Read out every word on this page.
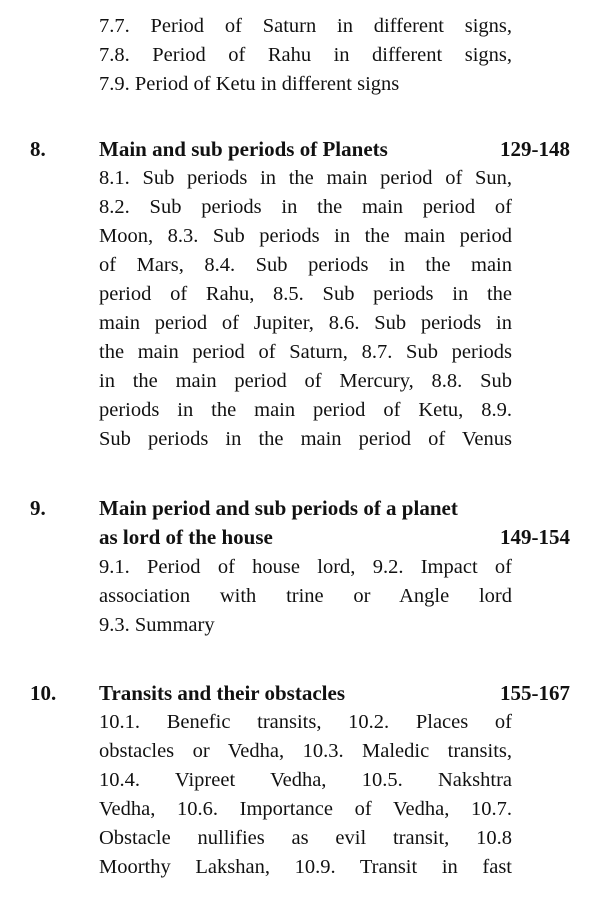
7.7. Period of Saturn in different signs,
7.8. Period of Rahu in different signs,
7.9. Period of Ketu in different signs
8.	Main and sub periods of Planets	129-148
8.1. Sub periods in the main period of Sun,
8.2. Sub periods in the main period of
Moon, 8.3. Sub periods in the main period
of Mars, 8.4. Sub periods in the main
period of Rahu, 8.5. Sub periods in the
main period of Jupiter, 8.6. Sub periods in
the main period of Saturn, 8.7. Sub periods
in the main period of Mercury, 8.8. Sub
periods in the main period of Ketu, 8.9.
Sub periods in the main period of Venus
9.	Main period and sub periods of a planet
as lord of the house	149-154
9.1. Period of house lord, 9.2. Impact of
association with trine or Angle lord
9.3. Summary
10. Transits and their obstacles	155-167
10.1. Benefic transits, 10.2. Places of
obstacles or Vedha, 10.3. Maledic transits,
10.4. Vipreet Vedha, 10.5. Nakshtra
Vedha, 10.6. Importance of Vedha, 10.7.
Obstacle nullifies as evil transit, 10.8
Moorthy Lakshan, 10.9. Transit in fast
